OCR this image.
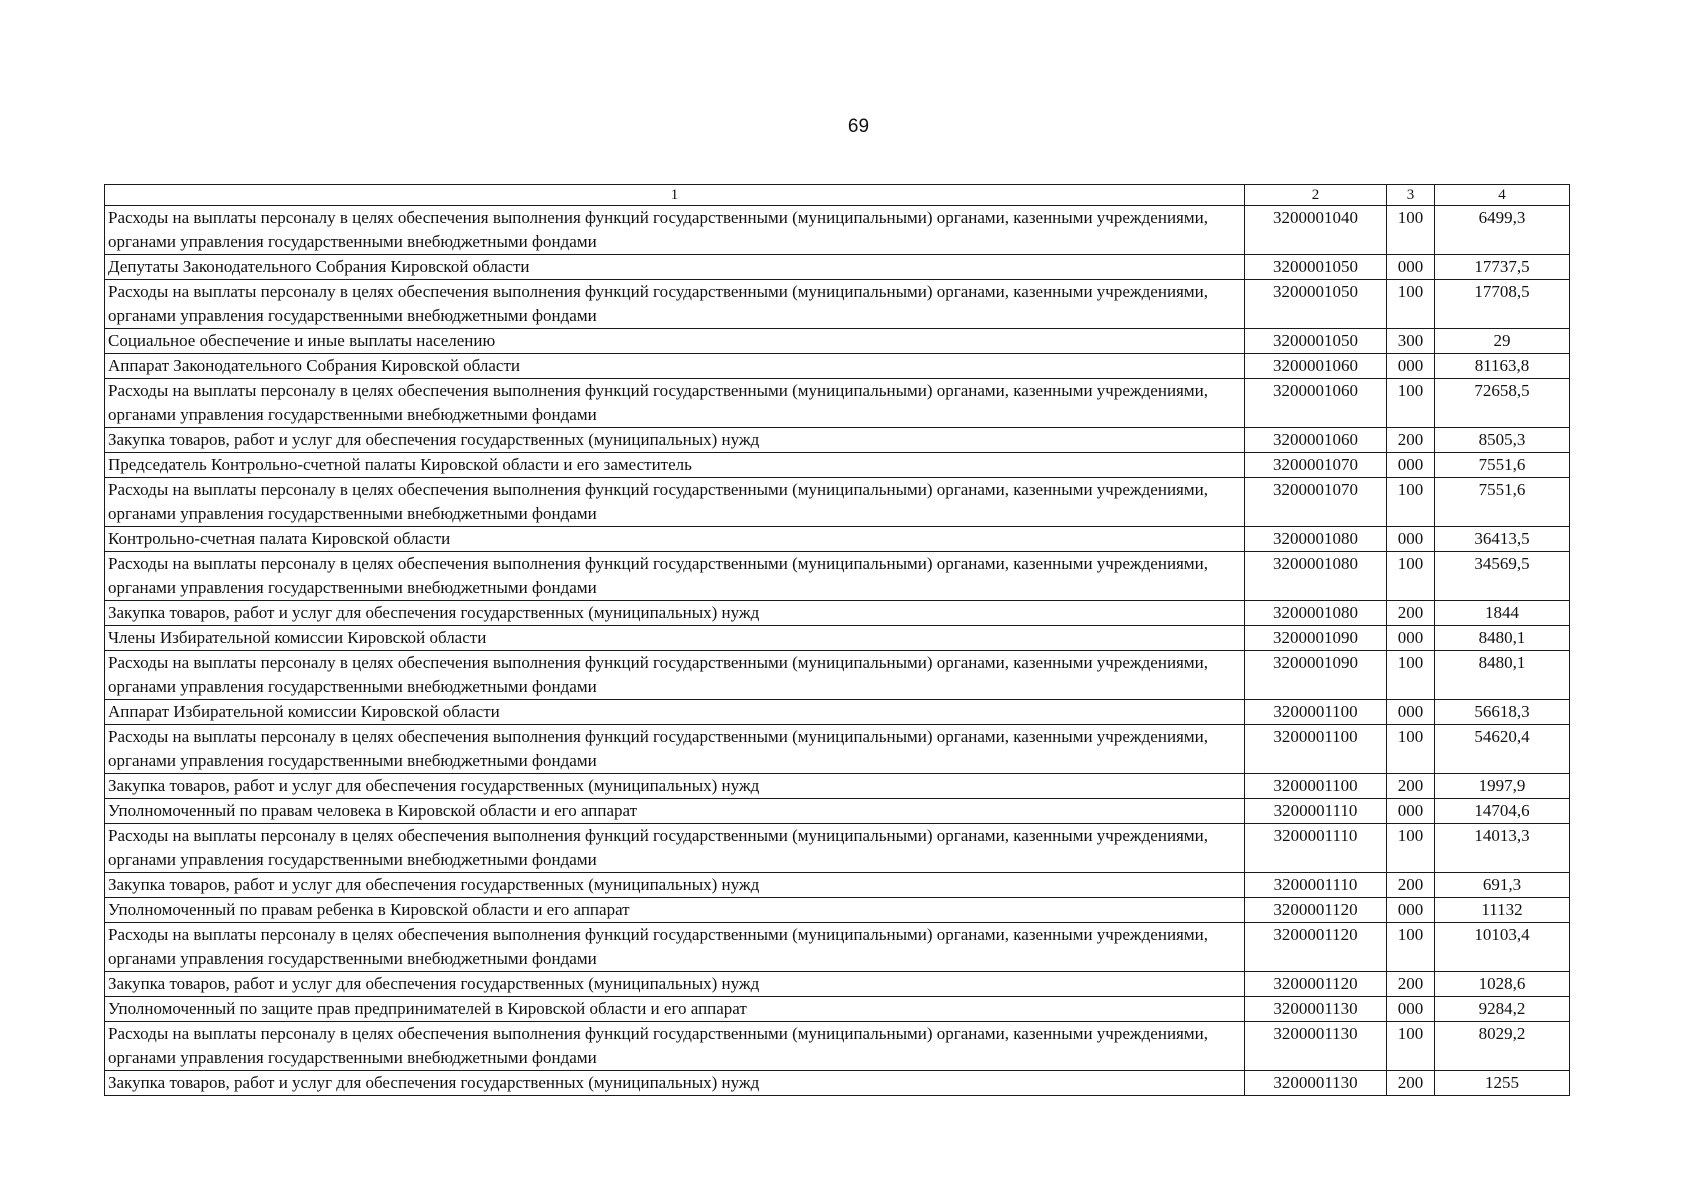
69
1	2	3	4
Расходы на выплаты персоналу в целях обеспечения выполнения функций государственными (муниципальными) органами, казенными учреждениями, органами управления государственными внебюджетными фондами	3200001040	100	6499,3
Депутаты Законодательного Собрания Кировской области	3200001050	000	17737,5
Расходы на выплаты персоналу в целях обеспечения выполнения функций государственными (муниципальными) органами, казенными учреждениями, органами управления государственными внебюджетными фондами	3200001050	100	17708,5
Социальное обеспечение и иные выплаты населению	3200001050	300	29
Аппарат Законодательного Собрания Кировской области	3200001060	000	81163,8
Расходы на выплаты персоналу в целях обеспечения выполнения функций государственными (муниципальными) органами, казенными учреждениями, органами управления государственными внебюджетными фондами	3200001060	100	72658,5
Закупка товаров, работ и услуг для обеспечения государственных (муниципальных) нужд	3200001060	200	8505,3
Председатель Контрольно-счетной палаты Кировской области и его заместитель	3200001070	000	7551,6
Расходы на выплаты персоналу в целях обеспечения выполнения функций государственными (муниципальными) органами, казенными учреждениями, органами управления государственными внебюджетными фондами	3200001070	100	7551,6
Контрольно-счетная палата Кировской области	3200001080	000	36413,5
Расходы на выплаты персоналу в целях обеспечения выполнения функций государственными (муниципальными) органами, казенными учреждениями, органами управления государственными внебюджетными фондами	3200001080	100	34569,5
Закупка товаров, работ и услуг для обеспечения государственных (муниципальных) нужд	3200001080	200	1844
Члены Избирательной комиссии Кировской области	3200001090	000	8480,1
Расходы на выплаты персоналу в целях обеспечения выполнения функций государственными (муниципальными) органами, казенными учреждениями, органами управления государственными внебюджетными фондами	3200001090	100	8480,1
Аппарат Избирательной комиссии Кировской области	3200001100	000	56618,3
Расходы на выплаты персоналу в целях обеспечения выполнения функций государственными (муниципальными) органами, казенными учреждениями, органами управления государственными внебюджетными фондами	3200001100	100	54620,4
Закупка товаров, работ и услуг для обеспечения государственных (муниципальных) нужд	3200001100	200	1997,9
Уполномоченный по правам человека в Кировской области и его аппарат	3200001110	000	14704,6
Расходы на выплаты персоналу в целях обеспечения выполнения функций государственными (муниципальными) органами, казенными учреждениями, органами управления государственными внебюджетными фондами	3200001110	100	14013,3
Закупка товаров, работ и услуг для обеспечения государственных (муниципальных) нужд	3200001110	200	691,3
Уполномоченный по правам ребенка в Кировской области и его аппарат	3200001120	000	11132
Расходы на выплаты персоналу в целях обеспечения выполнения функций государственными (муниципальными) органами, казенными учреждениями, органами управления государственными внебюджетными фондами	3200001120	100	10103,4
Закупка товаров, работ и услуг для обеспечения государственных (муниципальных) нужд	3200001120	200	1028,6
Уполномоченный по защите прав предпринимателей в Кировской области и его аппарат	3200001130	000	9284,2
Расходы на выплаты персоналу в целях обеспечения выполнения функций государственными (муниципальными) органами, казенными учреждениями, органами управления государственными внебюджетными фондами	3200001130	100	8029,2
Закупка товаров, работ и услуг для обеспечения государственных (муниципальных) нужд	3200001130	200	1255
